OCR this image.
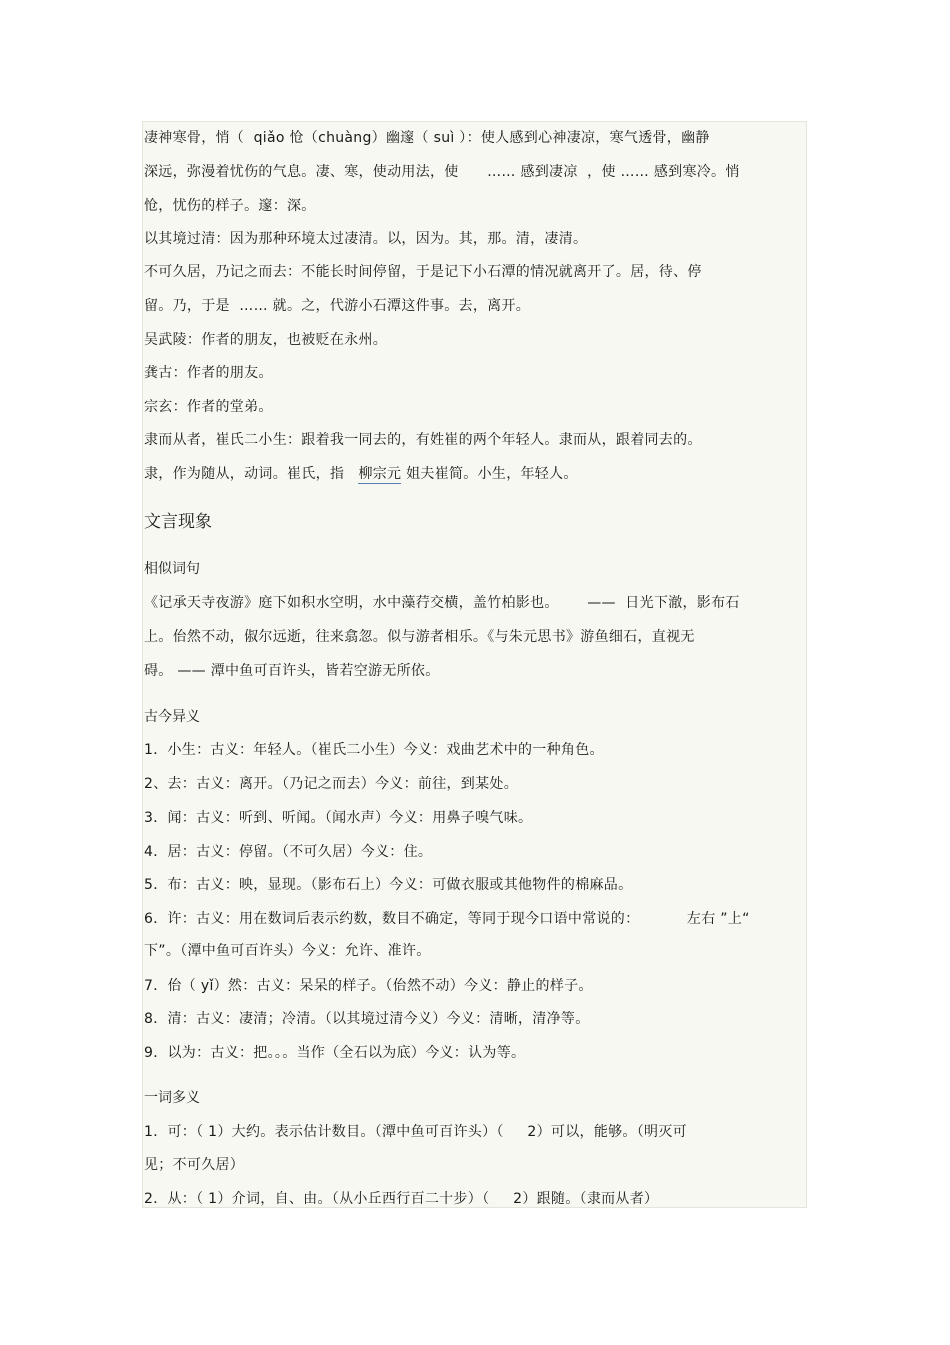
凄神寒骨，悄（  qiǎo 怆（chuàng）幽邃（ suì ）：使人感到心神凄凉，寒气透骨，幽静
深远，弥漫着忧伤的气息。凄、寒，使动用法，使      …… 感到凄凉  ，使 …… 感到寒冷。悄
怆，忧伤的样子。邃：深。
以其境过清：因为那种环境太过凄清。以，因为。其，那。清，凄清。
不可久居，乃记之而去：不能长时间停留，于是记下小石潭的情况就离开了。居，待、停
留。乃，于是  …… 就。之，代游小石潭这件事。去，离开。
吴武陵：作者的朋友，也被贬在永州。
龚古：作者的朋友。
宗玄：作者的堂弟。
隶而从者，崔氏二小生：跟着我一同去的，有姓崔的两个年轻人。隶而从，跟着同去的。
隶，作为随从，动词。崔氏，指   柳宗元 姐夫崔简。小生，年轻人。
文言现象
相似词句
《记承天寺夜游》庭下如积水空明，水中藻荇交横，盖竹柏影也。      ——  日光下澈，影布石
上。佁然不动，俶尔远逝，往来翕忽。似与游者相乐。《与朱元思书》游鱼细石，直视无
碍。 —— 潭中鱼可百许头，皆若空游无所依。
古今异义
1．小生：古义：年轻人。（崔氏二小生）今义：戏曲艺术中的一种角色。
2、去：古义：离开。（乃记之而去）今义：前往，到某处。
3．闻：古义：听到、听闻。（闻水声）今义：用鼻子嗅气味。
4．居：古义：停留。（不可久居）今义：住。
5．布：古义：映，显现。（影布石上）今义：可做衣服或其他物件的棉麻品。
6．许：古义：用在数词后表示约数，数目不确定，等同于现今口语中常说的：          左右 ”上“
下”。（潭中鱼可百许头）今义：允许、准许。
7．佁（ yǐ）然：古义：呆呆的样子。（佁然不动）今义：静止的样子。
8．清：古义：凄清；冷清。（以其境过清今义）今义：清晰，清净等。
9．以为：古义：把。。。当作（全石以为底）今义：认为等。
一词多义
1．可：（ 1）大约。表示估计数目。（潭中鱼可百许头）（     2）可以，能够。（明灭可
见；不可久居）
2．从：（ 1）介词，自、由。（从小丘西行百二十步）（     2）跟随。（隶而从者）
